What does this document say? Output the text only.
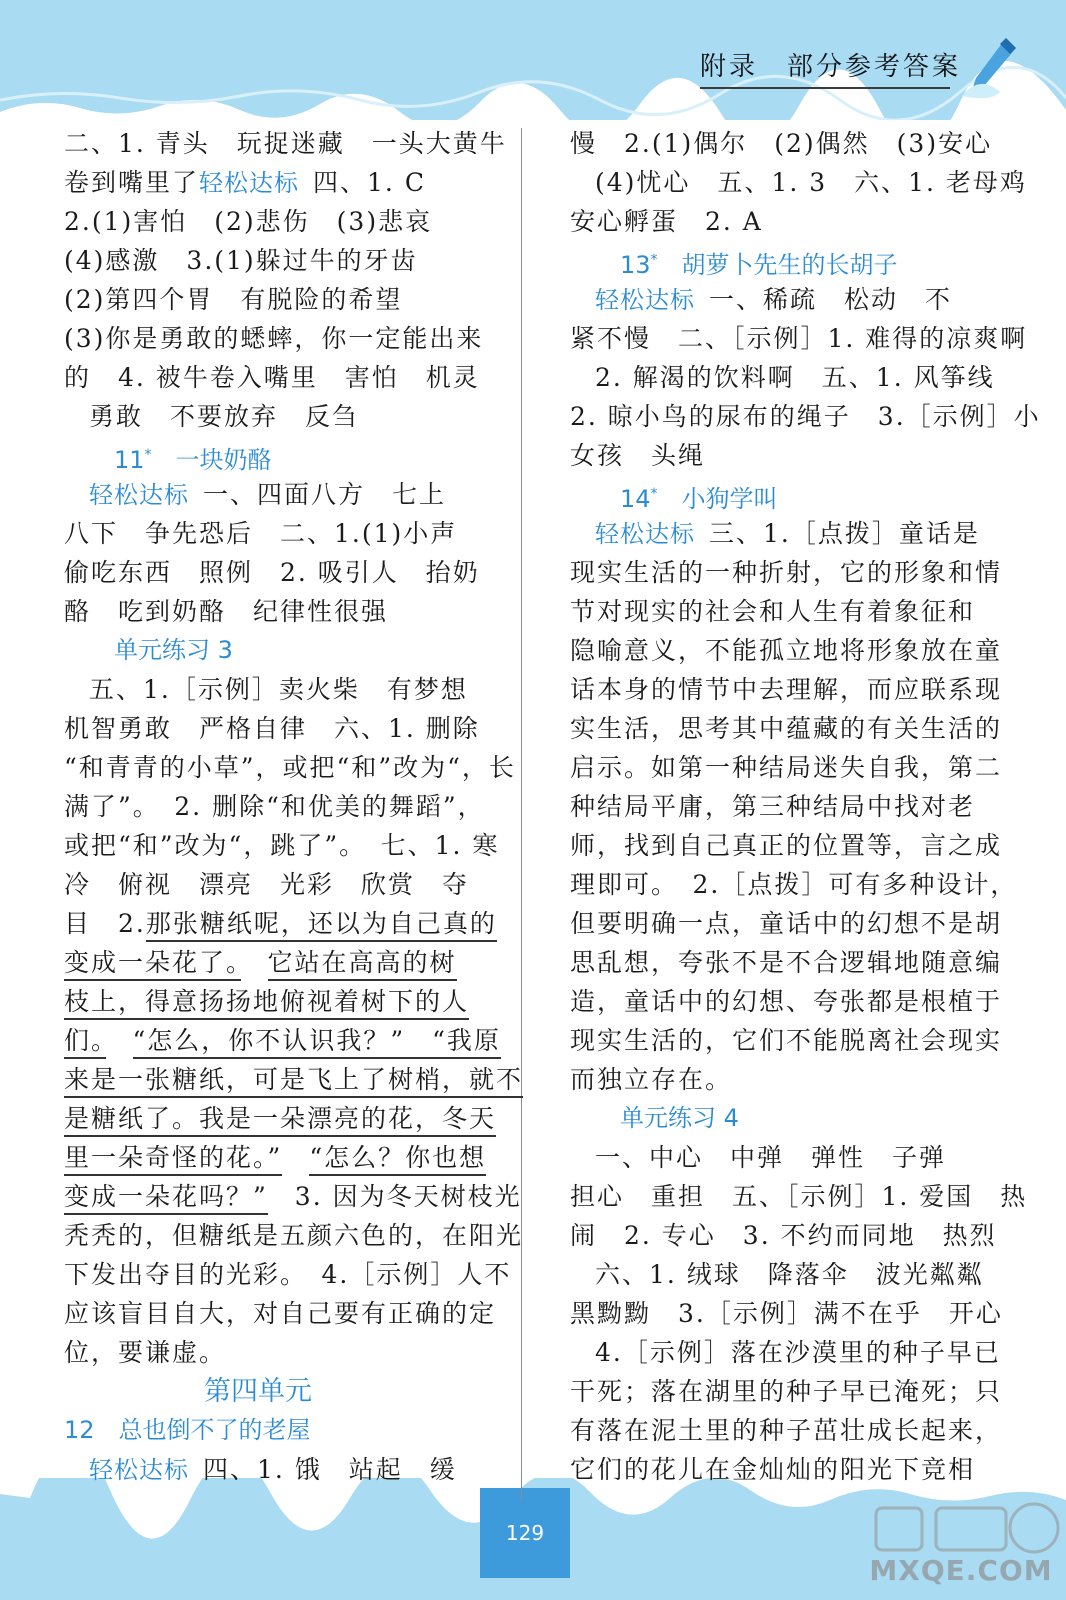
附录　部分参考答案
129
MXQE.COM
二、1. 青头　玩捉迷藏　一头大黄牛
卷到嘴里了轻松达标 四、1. C
2.(1)害怕　(2)悲伤　(3)悲哀
(4)感激　3.(1)躲过牛的牙齿
(2)第四个胃　有脱险的希望
(3)你是勇敢的蟋蟀，你一定能出来
的　4. 被牛卷入嘴里　害怕　机灵
勇敢　不要放弃　反刍
11*　 一块奶酪
轻松达标 一、四面八方　七上
八下　争先恐后　二、1.(1)小声
偷吃东西　照例　2. 吸引人　抬奶
酪　吃到奶酪　纪律性很强
单元练习 3
五、1.［示例］卖火柴　有梦想
机智勇敢　严格自律　六、1. 删除
“和青青的小草”，或把“和”改为“，长
满了”。　2. 删除“和优美的舞蹈”，
或把“和”改为“，跳了”。　七、1. 寒
冷　俯视　漂亮　光彩　欣赏　夺
目　2.那张糖纸呢，还以为自己真的
变成一朵花了。　 它站在高高的树
枝上，得意扬扬地俯视着树下的人
们。　 “怎么，你不认识我？”　“我原
来是一张糖纸，可是飞上了树梢，就不
是糖纸了。我是一朵漂亮的花，冬天
里一朵奇怪的花。”　 “怎么？你也想
变成一朵花吗？”　3. 因为冬天树枝光
秃秃的，但糖纸是五颜六色的，在阳光
下发出夺目的光彩。　4.［示例］人不
应该盲目自大，对自己要有正确的定
位，要谦虚。
第四单元
12　 总也倒不了的老屋
轻松达标 四、1. 饿　站起　缓
慢　2.(1)偶尔　(2)偶然　(3)安心
(4)忧心　五、1. 3　六、1. 老母鸡
安心孵蛋　2. A
13*　 胡萝卜先生的长胡子
轻松达标 一、稀疏　松动　不
紧不慢　二、［示例］1. 难得的凉爽啊
2. 解渴的饮料啊　五、1. 风筝线
2. 晾小鸟的尿布的绳子　3.［示例］小
女孩　头绳
14*　 小狗学叫
轻松达标 三、1.［点拨］童话是
现实生活的一种折射，它的形象和情
节对现实的社会和人生有着象征和
隐喻意义，不能孤立地将形象放在童
话本身的情节中去理解，而应联系现
实生活，思考其中蕴藏的有关生活的
启示。如第一种结局迷失自我，第二
种结局平庸，第三种结局中找对老
师，找到自己真正的位置等，言之成
理即可。　2.［点拨］可有多种设计，
但要明确一点，童话中的幻想不是胡
思乱想，夸张不是不合逻辑地随意编
造，童话中的幻想、夸张都是根植于
现实生活的，它们不能脱离社会现实
而独立存在。
单元练习 4
一、中心　中弹　弹性　子弹
担心　重担　五、［示例］1. 爱国　热
闹　2. 专心　3. 不约而同地　热烈
六、1. 绒球　降落伞　波光粼粼
黑黝黝　3.［示例］满不在乎　开心
4.［示例］落在沙漠里的种子早已
干死；落在湖里的种子早已淹死；只
有落在泥土里的种子茁壮成长起来，
它们的花儿在金灿灿的阳光下竞相
